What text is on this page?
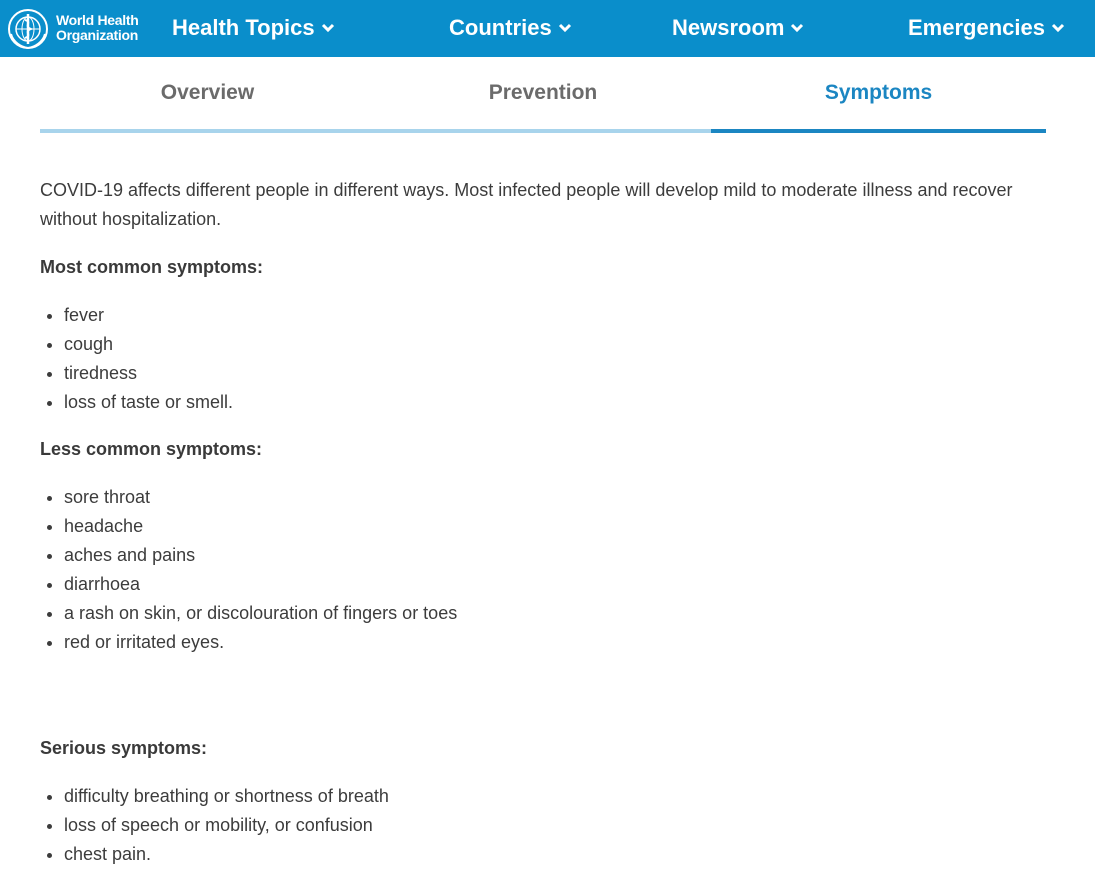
World Health
Organization Health Topics	Countries	Newsroom	Emergencies
Overview	Prevention	Symptoms

COVID-19 affects different people in different ways. Most infected people will develop mild to moderate illness and recover without hospitalization.

Most common symptoms:
• fever
• cough
• tiredness
• loss of taste or smell.
Less common symptoms:
• sore throat
• headache
• aches and pains
• diarrhoea
• a rash on skin, or discolouration of fingers or toes
• red or irritated eyes.
Serious symptoms:
• difficulty breathing or shortness of breath
• loss of speech or mobility, or confusion
• chest pain.
